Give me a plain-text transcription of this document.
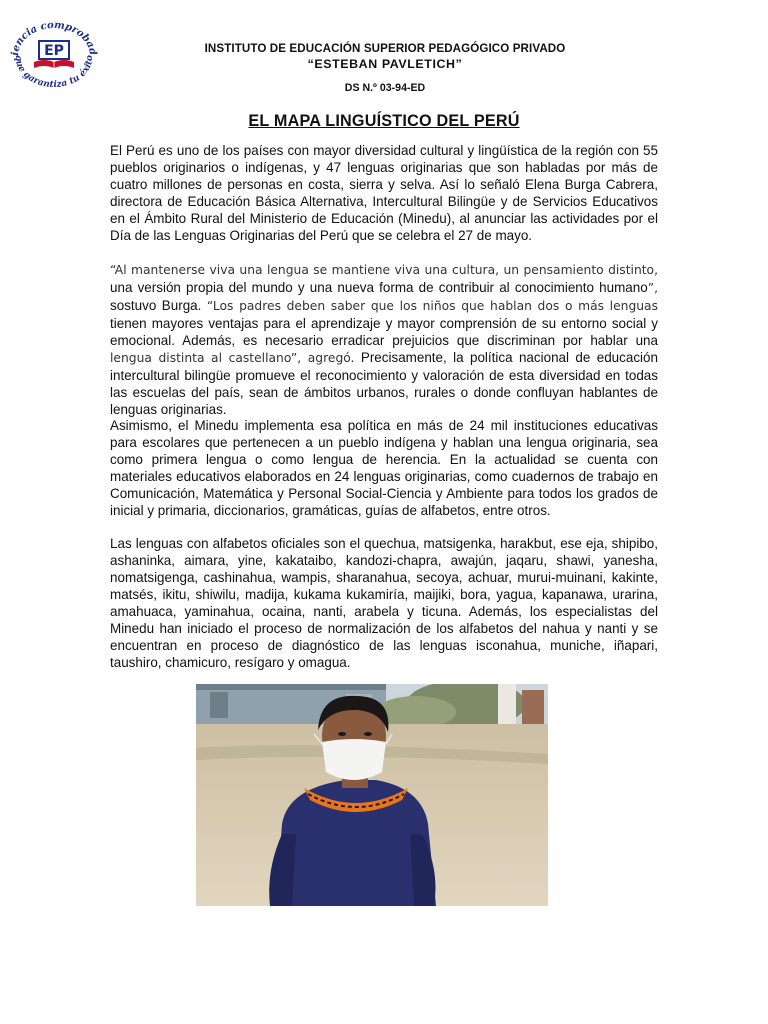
iencia comprobad
que garantiza tu éxito
EP	INSTITUTO DE EDUCACIÓN SUPERIOR PEDAGÓGICO PRIVADO
“ESTEBAN PAVLETICH”
DS N.º 03-94-ED
EL MAPA LINGUÍSTICO DEL PERÚ

El Perú es uno de los países con mayor diversidad cultural y lingüística de la región con 55 pueblos originarios o indígenas, y 47 lenguas originarias que son habladas por más de cuatro millones de personas en costa, sierra y selva. Así lo señaló Elena Burga Cabrera, directora de Educación Básica Alternativa, Intercultural Bilingüe y de Servicios Educativos en el Ámbito Rural del Ministerio de Educación (Minedu), al anunciar las actividades por el Día de las Lenguas Originarias del Perú que se celebra el 27 de mayo.

“Al mantenerse viva una lengua se mantiene viva una cultura, un pensamiento distinto, una versión propia del mundo y una nueva forma de contribuir al conocimiento humano”, sostuvo Burga. “Los padres deben saber que los niños que hablan dos o más lenguas tienen mayores ventajas para el aprendizaje y mayor comprensión de su entorno social y emocional. Además, es necesario erradicar prejuicios que discriminan por hablar una lengua distinta al castellano”, agregó. Precisamente, la política nacional de educación intercultural bilingüe promueve el reconocimiento y valoración de esta diversidad en todas las escuelas del país, sean de ámbitos urbanos, rurales o donde confluyan hablantes de lenguas originarias.

Asimismo, el Minedu implementa esa política en más de 24 mil instituciones educativas para escolares que pertenecen a un pueblo indígena y hablan una lengua originaria, sea como primera lengua o como lengua de herencia. En la actualidad se cuenta con materiales educativos elaborados en 24 lenguas originarias, como cuadernos de trabajo en Comunicación, Matemática y Personal Social-Ciencia y Ambiente para todos los grados de inicial y primaria, diccionarios, gramáticas, guías de alfabetos, entre otros.

Las lenguas con alfabetos oficiales son el quechua, matsigenka, harakbut, ese eja, shipibo, ashaninka, aimara, yine, kakataibo, kandozi-chapra, awajún, jaqaru, shawi, yanesha, nomatsigenga, cashinahua, wampis, sharanahua, secoya, achuar, murui-muinani, kakinte, matsés, ikitu, shiwilu, madija, kukama kukamiría, maijiki, bora, yagua, kapanawa, urarina, amahuaca, yaminahua, ocaina, nanti, arabela y ticuna. Además, los especialistas del Minedu han iniciado el proceso de normalización de los alfabetos del nahua y nanti y se encuentran en proceso de diagnóstico de las lenguas isconahua, muniche, iñapari, taushiro, chamicuro, resígaro y omagua.
